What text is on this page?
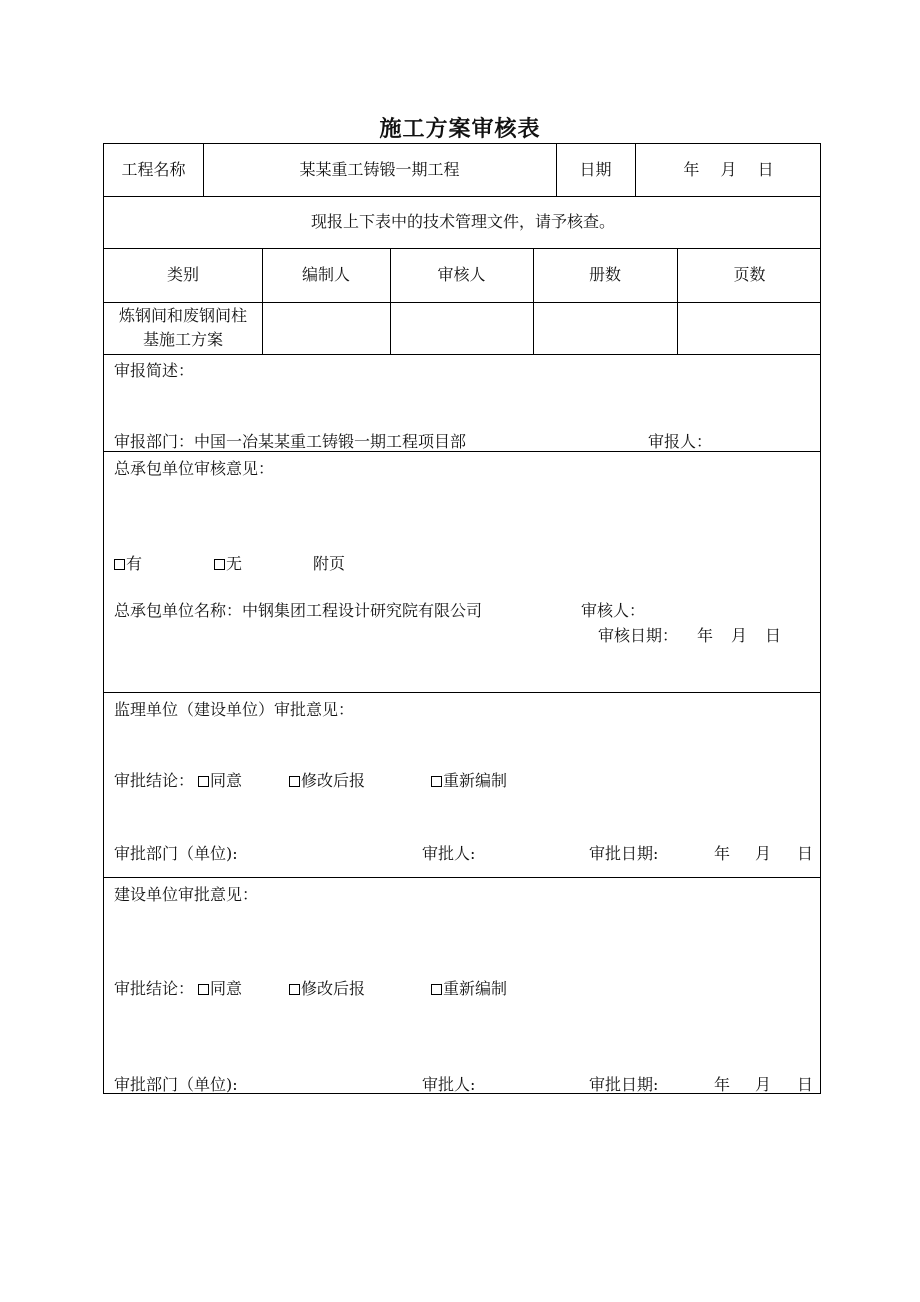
施工方案审核表
工程名称	某某重工铸锻一期工程	日期	年　 月　 日
现报上下表中的技术管理文件，请予核查。
类别	编制人	审核人	册数	页数
炼钢间和废钢间柱基施工方案
审报简述：
审报部门：中国一冶某某重工铸锻一期工程项目部	审报人：
总承包单位审核意见：
有	无	附页
总承包单位名称：中钢集团工程设计研究院有限公司	审核人：
审核日期： 年 月 日
监理单位（建设单位）审批意见：
审批结论： 同意	修改后报	重新编制
审批部门（单位):	审批人:	审批日期:	年 月 日
建设单位审批意见：
审批结论： 同意	修改后报	重新编制
审批部门（单位):	审批人:	审批日期:	年 月 日
